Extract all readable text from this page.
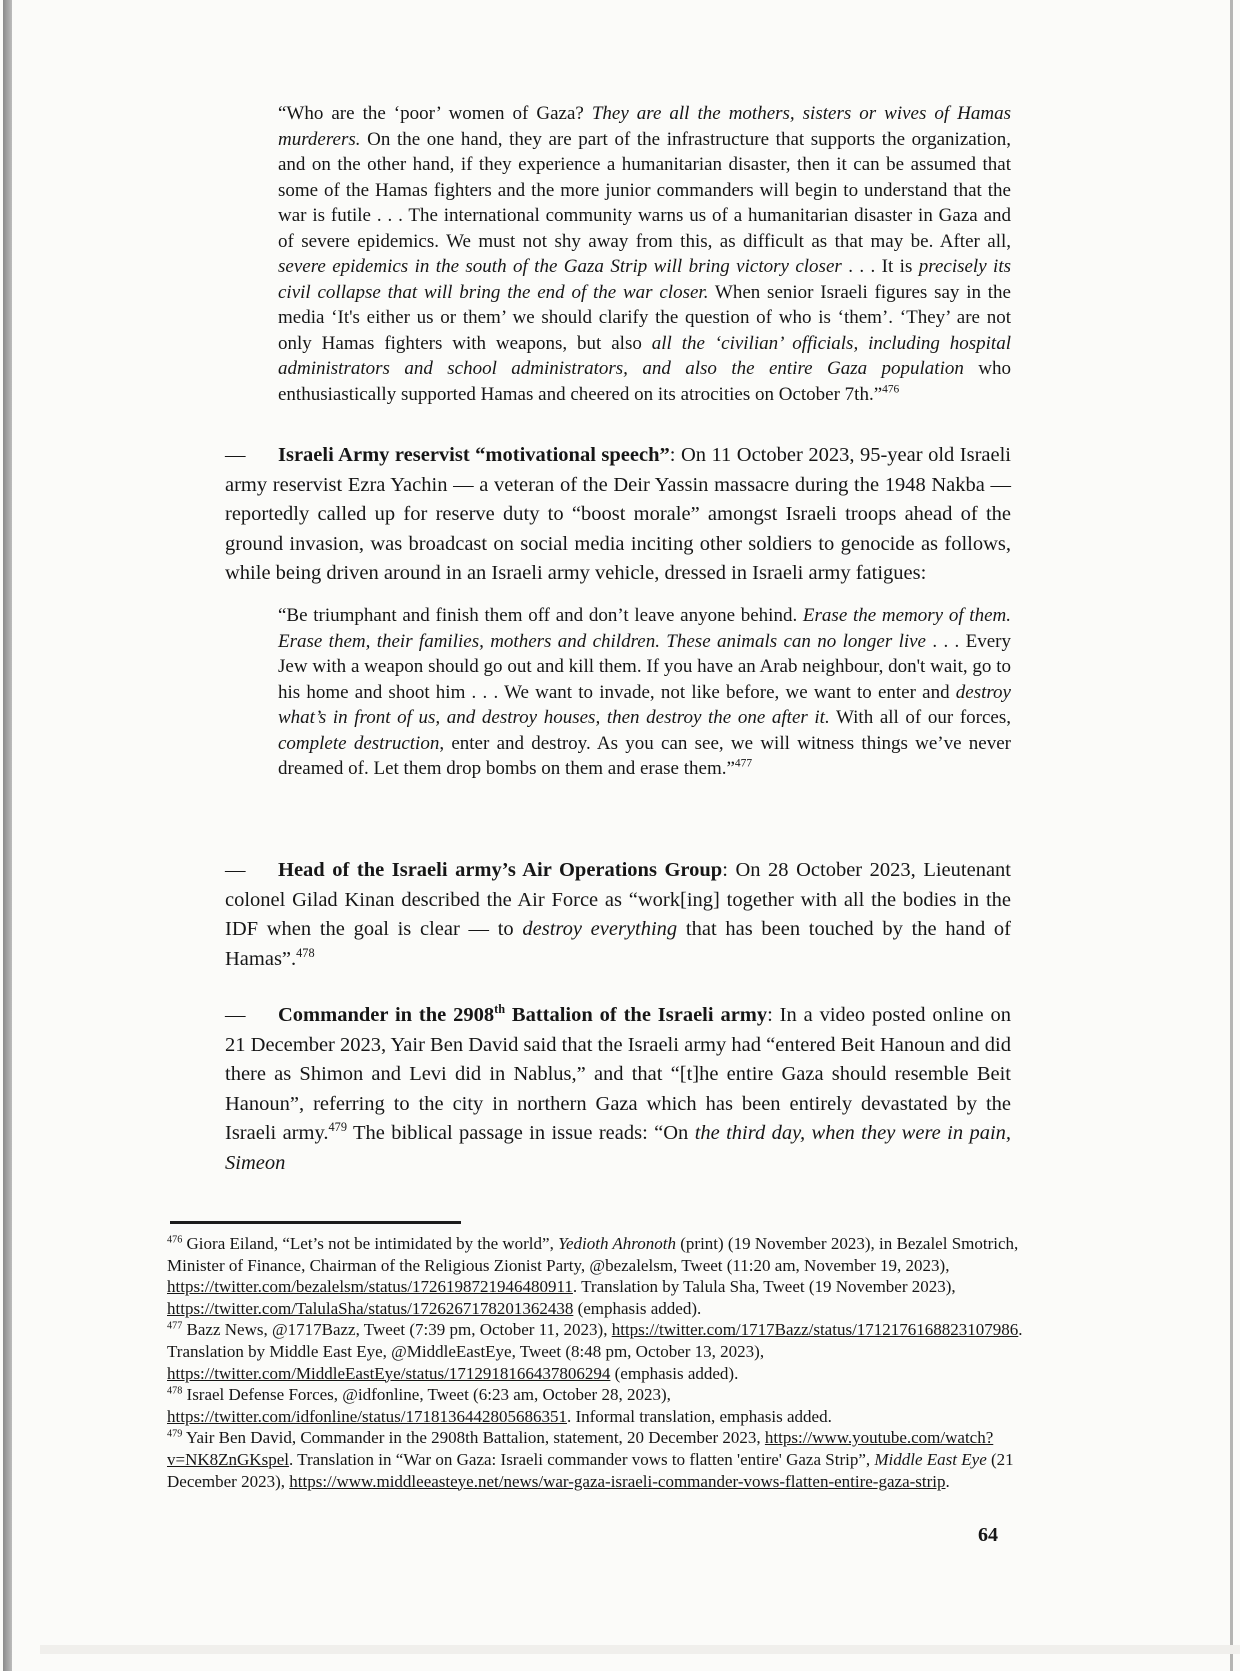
“Who are the ‘poor’ women of Gaza? They are all the mothers, sisters or wives of Hamas murderers. On the one hand, they are part of the infrastructure that supports the organization, and on the other hand, if they experience a humanitarian disaster, then it can be assumed that some of the Hamas fighters and the more junior commanders will begin to understand that the war is futile . . . The international community warns us of a humanitarian disaster in Gaza and of severe epidemics. We must not shy away from this, as difficult as that may be. After all, severe epidemics in the south of the Gaza Strip will bring victory closer . . . It is precisely its civil collapse that will bring the end of the war closer. When senior Israeli figures say in the media ‘It's either us or them’ we should clarify the question of who is ‘them’. ‘They’ are not only Hamas fighters with weapons, but also all the ‘civilian’ officials, including hospital administrators and school administrators, and also the entire Gaza population who enthusiastically supported Hamas and cheered on its atrocities on October 7th.”$^{476}$

— Israeli Army reservist “motivational speech”: On 11 October 2023, 95-year old Israeli army reservist Ezra Yachin — a veteran of the Deir Yassin massacre during the 1948 Nakba — reportedly called up for reserve duty to “boost morale” amongst Israeli troops ahead of the ground invasion, was broadcast on social media inciting other soldiers to genocide as follows, while being driven around in an Israeli army vehicle, dressed in Israeli army fatigues:

“Be triumphant and finish them off and don’t leave anyone behind. Erase the memory of them. Erase them, their families, mothers and children. These animals can no longer live . . . Every Jew with a weapon should go out and kill them. If you have an Arab neighbour, don't wait, go to his home and shoot him . . . We want to invade, not like before, we want to enter and destroy what’s in front of us, and destroy houses, then destroy the one after it. With all of our forces, complete destruction, enter and destroy. As you can see, we will witness things we’ve never dreamed of. Let them drop bombs on them and erase them.”$^{477}$

— Head of the Israeli army’s Air Operations Group: On 28 October 2023, Lieutenant colonel Gilad Kinan described the Air Force as “work[ing] together with all the bodies in the IDF when the goal is clear — to destroy everything that has been touched by the hand of Hamas”.$^{478}$

— Commander in the 2908th Battalion of the Israeli army: In a video posted online on 21 December 2023, Yair Ben David said that the Israeli army had “entered Beit Hanoun and did there as Shimon and Levi did in Nablus,” and that “[t]he entire Gaza should resemble Beit Hanoun”, referring to the city in northern Gaza which has been entirely devastated by the Israeli army.$^{479}$ The biblical passage in issue reads: “On the third day, when they were in pain, Simeon

$^{476}$ Giora Eiland, “Let’s not be intimidated by the world”, Yedioth Ahronoth (print) (19 November 2023), in Bezalel Smotrich, Minister of Finance, Chairman of the Religious Zionist Party, @bezalelsm, Tweet (11:20 am, November 19, 2023), https://twitter.com/bezalelsm/status/1726198721946480911. Translation by Talula Sha, Tweet (19 November 2023), https://twitter.com/TalulaSha/status/1726267178201362438 (emphasis added).

$^{477}$ Bazz News, @1717Bazz, Tweet (7:39 pm, October 11, 2023), https://twitter.com/1717Bazz/status/1712176168823107986. Translation by Middle East Eye, @MiddleEastEye, Tweet (8:48 pm, October 13, 2023), https://twitter.com/MiddleEastEye/status/1712918166437806294 (emphasis added).

$^{478}$ Israel Defense Forces, @idfonline, Tweet (6:23 am, October 28, 2023), https://twitter.com/idfonline/status/1718136442805686351. Informal translation, emphasis added.

$^{479}$ Yair Ben David, Commander in the 2908th Battalion, statement, 20 December 2023, https://www.youtube.com/watch?v=NK8ZnGKspel. Translation in “War on Gaza: Israeli commander vows to flatten 'entire' Gaza Strip”, Middle East Eye (21 December 2023), https://www.middleeasteye.net/news/war-gaza-israeli-commander-vows-flatten-entire-gaza-strip.

64
